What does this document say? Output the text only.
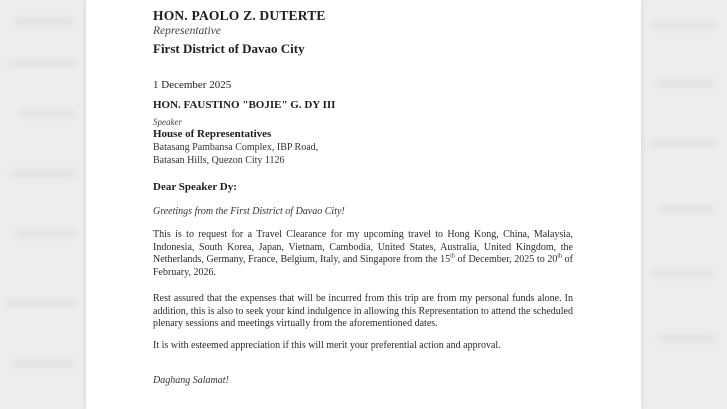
HON. PAOLO Z. DUTERTE

Representative

First District of Davao City

1 December 2025

HON. FAUSTINO "BOJIE" G. DY III

Speaker

House of Representatives

Batasang Pambansa Complex, IBP Road,

Batasan Hills, Quezon City 1126

Dear Speaker Dy:

Greetings from the First District of Davao City!

This is to request for a Travel Clearance for my upcoming travel to Hong Kong, China, Malaysia, Indonesia, South Korea, Japan, Vietnam, Cambodia, United States, Australia, United Kingdom, the Netherlands, Germany, France, Belgium, Italy, and Singapore from the 15th of December, 2025 to 20th of February, 2026.

Rest assured that the expenses that will be incurred from this trip are from my personal funds alone. In addition, this is also to seek your kind indulgence in allowing this Representation to attend the scheduled plenary sessions and meetings virtually from the aforementioned dates.

It is with esteemed appreciation if this will merit your preferential action and approval.

Daghang Salamat!
